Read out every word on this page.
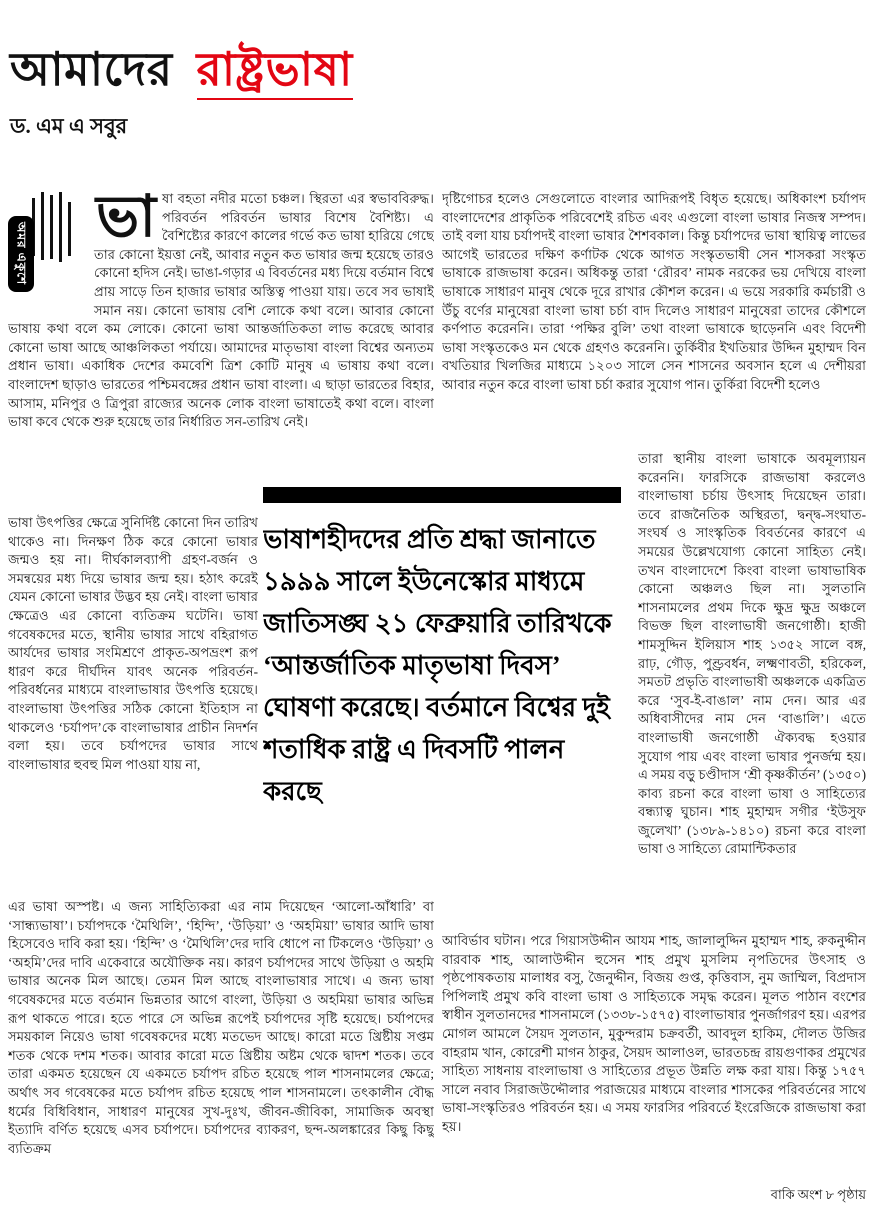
আমাদের রাষ্ট্রভাষা
ড. এম এ সবুর
অমর একুশে
ভা ষা বহতা নদীর মতো চঞ্চল। স্থিরতা এর স্বভাববিরুদ্ধ। পরিবর্তন পরিবর্তন ভাষার বিশেষ বৈশিষ্ট্য। এ বৈশিষ্ট্যের কারণে কালের গর্ভে কত ভাষা হারিয়ে গেছে তার কোনো ইয়ত্তা নেই, আবার নতুন কত ভাষার জন্ম হয়েছে তারও কোনো হদিস নেই। ভাঙা-গড়ার এ বিবর্তনের মধ্য দিয়ে বর্তমান বিশ্বে প্রায় সাড়ে তিন হাজার ভাষার অস্তিত্ব পাওয়া যায়। তবে সব ভাষাই সমান নয়। কোনো ভাষায় বেশি লোকে কথা বলে। আবার কোনো ভাষায় কথা বলে কম লোকে। কোনো ভাষা আন্তর্জাতিকতা লাভ করেছে আবার কোনো ভাষা আছে আঞ্চলিকতা পর্যায়ে। আমাদের মাতৃভাষা বাংলা বিশ্বের অন্যতম প্রধান ভাষা। একাধিক দেশের কমবেশি ত্রিশ কোটি মানুষ এ ভাষায় কথা বলে। বাংলাদেশ ছাড়াও ভারতের পশ্চিমবঙ্গের প্রধান ভাষা বাংলা। এ ছাড়া ভারতের বিহার, আসাম, মনিপুর ও ত্রিপুরা রাজ্যের অনেক লোক বাংলা ভাষাতেই কথা বলে। বাংলা ভাষা কবে থেকে শুরু হয়েছে তার নির্ধারিত সন-তারিখ নেই।
দৃষ্টিগোচর হলেও সেগুলোতে বাংলার আদিরূপই বিধৃত হয়েছে। অধিকাংশ চর্যাপদ বাংলাদেশের প্রাকৃতিক পরিবেশেই রচিত এবং এগুলো বাংলা ভাষার নিজস্ব সম্পদ। তাই বলা যায় চর্যাপদই বাংলা ভাষার শৈশবকাল। কিন্তু চর্যাপদের ভাষা স্থায়িত্ব লাভের আগেই ভারতের দক্ষিণ কর্ণাটক থেকে আগত সংস্কৃতভাষী সেন শাসকরা সংস্কৃত ভাষাকে রাজভাষা করেন। অধিকন্তু তারা ‘রৌরব’ নামক নরকের ভয় দেখিয়ে বাংলা ভাষাকে সাধারণ মানুষ থেকে দূরে রাখার কৌশল করেন। এ ভয়ে সরকারি কর্মচারী ও উঁচু বর্ণের মানুষেরা বাংলা ভাষা চর্চা বাদ দিলেও সাধারণ মানুষেরা তাদের কৌশলে কর্ণপাত করেননি। তারা ‘পক্ষির বুলি’ তথা বাংলা ভাষাকে ছাড়েননি এবং বিদেশী ভাষা সংস্কৃতকেও মন থেকে গ্রহণও করেননি। তুর্কিবীর ইখতিয়ার উদ্দিন মুহাম্মদ বিন বখতিয়ার খিলজির মাধ্যমে ১২০৩ সালে সেন শাসনের অবসান হলে এ দেশীয়রা আবার নতুন করে বাংলা ভাষা চর্চা করার সুযোগ পান। তুর্কিরা বিদেশী হলেও
ভাষাশহীদদের প্রতি শ্রদ্ধা জানাতে ১৯৯৯ সালে ইউনেস্কোর মাধ্যমে জাতিসঙ্ঘ ২১ ফেব্রুয়ারি তারিখকে ‘আন্তর্জাতিক মাতৃভাষা দিবস’ ঘোষণা করেছে। বর্তমানে বিশ্বের দুই শতাধিক রাষ্ট্র এ দিবসটি পালন করছে
ভাষা উৎপত্তির ক্ষেত্রে সুনির্দিষ্ট কোনো দিন তারিখ থাকেও না। দিনক্ষণ ঠিক করে কোনো ভাষার জন্মও হয় না। দীর্ঘকালব্যাপী গ্রহণ-বর্জন ও সমন্বয়ের মধ্য দিয়ে ভাষার জন্ম হয়। হঠাৎ করেই যেমন কোনো ভাষার উদ্ভব হয় নেই। বাংলা ভাষার ক্ষেত্রেও এর কোনো ব্যতিক্রম ঘটেনি। ভাষা গবেষকদের মতে, স্থানীয় ভাষার সাথে বহিরাগত আর্যদের ভাষার সংমিশ্রণে প্রাকৃত-অপভ্রংশ রূপ ধারণ করে দীর্ঘদিন যাবৎ অনেক পরিবর্তন-পরিবর্ধনের মাধ্যমে বাংলাভাষার উৎপত্তি হয়েছে। বাংলাভাষা উৎপত্তির সঠিক কোনো ইতিহাস না থাকলেও ‘চর্যাপদ’কে বাংলাভাষার প্রাচীন নিদর্শন বলা হয়। তবে চর্যাপদের ভাষার সাথে বাংলাভাষার হুবহু মিল পাওয়া যায় না,
তারা স্থানীয় বাংলা ভাষাকে অবমূল্যায়ন করেননি। ফারসিকে রাজভাষা করলেও বাংলাভাষা চর্চায় উৎসাহ দিয়েছেন তারা। তবে রাজনৈতিক অস্থিরতা, দ্বন্দ্ব-সংঘাত-সংঘর্ষ ও সাংস্কৃতিক বিবর্তনের কারণে এ সময়ের উল্লেখযোগ্য কোনো সাহিত্য নেই। তখন বাংলাদেশে কিংবা বাংলা ভাষাভাষিক কোনো অঞ্চলও ছিল না। সুলতানি শাসনামলের প্রথম দিকে ক্ষুদ্র ক্ষুদ্র অঞ্চলে বিভক্ত ছিল বাংলাভাষী জনগোষ্ঠী। হাজী শামসুদ্দিন ইলিয়াস শাহ ১৩৫২ সালে বঙ্গ, রাঢ়, গৌড়, পুণ্ড্রবর্ধন, লক্ষ্মণাবতী, হরিকেল, সমতট প্রভৃতি বাংলাভাষী অঞ্চলকে একত্রিত করে ‘সুব-ই-বাঙাল’ নাম দেন। আর এর অধিবাসীদের নাম দেন ‘বাঙালি’। এতে বাংলাভাষী জনগোষ্ঠী ঐক্যবদ্ধ হওয়ার সুযোগ পায় এবং বাংলা ভাষার পুনর্জন্ম হয়। এ সময় বড়ু চণ্ডীদাস ‘শ্রী কৃষ্ণকীর্তন’ (১৩৫০) কাব্য রচনা করে বাংলা ভাষা ও সাহিত্যের বন্ধ্যাত্ব ঘুচান। শাহ মুহাম্মদ সগীর ‘ইউসুফ জুলেখা’ (১৩৮৯-১৪১০) রচনা করে বাংলা ভাষা ও সাহিত্যে রোমান্টিকতার
এর ভাষা অস্পষ্ট। এ জন্য সাহিত্যিকরা এর নাম দিয়েছেন ‘আলো-আঁধারি’ বা ‘সান্ধ্যভাষা’। চর্যাপদকে ‘মৈথিলি’, ‘হিন্দি’, ‘উড়িয়া’ ও ‘অহমিয়া’ ভাষার আদি ভাষা হিসেবেও দাবি করা হয়। ‘হিন্দি’ ও ‘মৈথিলি’দের দাবি ধোপে না টিকলেও ‘উড়িয়া’ ও ‘অহমি’দের দাবি একেবারে অযৌক্তিক নয়। কারণ চর্যাপদের সাথে উড়িয়া ও অহমি ভাষার অনেক মিল আছে। তেমন মিল আছে বাংলাভাষার সাথে। এ জন্য ভাষা গবেষকদের মতে বর্তমান ভিন্নতার আগে বাংলা, উড়িয়া ও অহমিয়া ভাষার অভিন্ন রূপ থাকতে পারে। হতে পারে সে অভিন্ন রূপেই চর্যাপদের সৃষ্টি হয়েছে। চর্যাপদের সময়কাল নিয়েও ভাষা গবেষকদের মধ্যে মতভেদ আছে। কারো মতে খ্রিষ্টীয় সপ্তম শতক থেকে দশম শতক। আবার কারো মতে খ্রিষ্টীয় অষ্টম থেকে দ্বাদশ শতক। তবে তারা একমত হয়েছেন যে একমতে চর্যাপদ রচিত হয়েছে পাল শাসনামলের ক্ষেত্রে; অর্থাৎ সব গবেষকের মতে চর্যাপদ রচিত হয়েছে পাল শাসনামলে। তৎকালীন বৌদ্ধ ধর্মের বিধিবিধান, সাধারণ মানুষের সুখ-দুঃখ, জীবন-জীবিকা, সামাজিক অবস্থা ইত্যাদি বর্ণিত হয়েছে এসব চর্যাপদে। চর্যাপদের ব্যাকরণ, ছন্দ-অলঙ্কারের কিছু কিছু ব্যতিক্রম
আবির্ভাব ঘটান। পরে গিয়াসউদ্দীন আযম শাহ, জালালুদ্দিন মুহাম্মদ শাহ, রুকনুদ্দীন বারবাক শাহ, আলাউদ্দীন হুসেন শাহ প্রমুখ মুসলিম নৃপতিদের উৎসাহ ও পৃষ্ঠপোষকতায় মালাধর বসু, জৈনুদ্দীন, বিজয় গুপ্ত, কৃত্তিবাস, নুম জাম্মিল, বিপ্রদাস পিপিলাই প্রমুখ কবি বাংলা ভাষা ও সাহিত্যকে সমৃদ্ধ করেন। মূলত পাঠান বংশের স্বাধীন সুলতানদের শাসনামলে (১৩৩৮-১৫৭৫) বাংলাভাষার পুনর্জাগরণ হয়। এরপর মোগল আমলে সৈয়দ সুলতান, মুকুন্দরাম চক্রবর্তী, আবদুল হাকিম, দৌলত উজির বাহরাম খান, কোরেশী মাগন ঠাকুর, সৈয়দ আলাওল, ভারতচন্দ্র রায়গুণাকর প্রমুখের সাহিত্য সাধনায় বাংলাভাষা ও সাহিত্যের প্রভূত উন্নতি লক্ষ করা যায়। কিন্তু ১৭৫৭ সালে নবাব সিরাজউদ্দৌলার পরাজয়ের মাধ্যমে বাংলার শাসকের পরিবর্তনের সাথে ভাষা-সংস্কৃতিরও পরিবর্তন হয়। এ সময় ফারসির পরিবর্তে ইংরেজিকে রাজভাষা করা হয়।
বাকি অংশ ৮ পৃষ্ঠায়
